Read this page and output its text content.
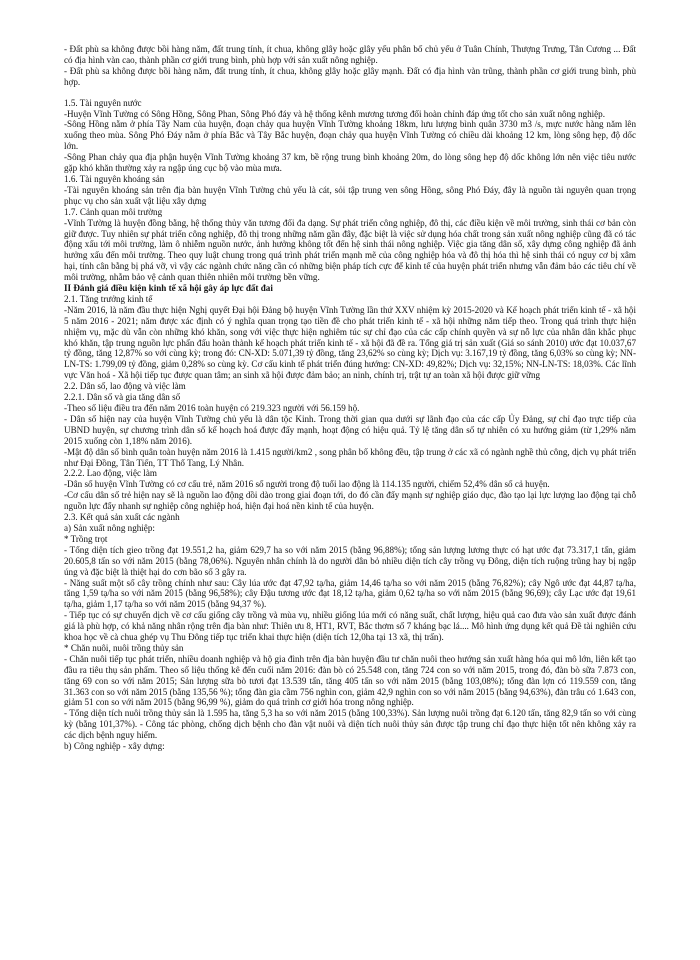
- Đất phù sa không được bồi hàng năm, đất trung tính, ít chua, không glây hoặc glây yếu phân bố chủ yếu ở Tuân Chính, Thượng Trưng, Tân Cương ... Đất có địa hình vàn cao, thành phần cơ giới trung bình, phù hợp với sản xuất nông nghiệp.

- Đất phù sa không được bồi hàng năm, đất trung tính, ít chua, không glây hoặc glây mạnh. Đất có địa hình vàn trũng, thành phần cơ giới trung bình, phù hợp.

1.5. Tài nguyên nước

-Huyện Vĩnh Tường có Sông Hồng, Sông Phan, Sông Phó đáy và hệ thống kênh mương tương đối hoàn chỉnh đáp ứng tốt cho sản xuất nông nghiệp.

-Sông Hồng nằm ở phía Tây Nam của huyện, đoạn chảy qua huyện Vĩnh Tường khoảng 18km, lưu lượng bình quân 3730 m3 /s, mực nước hàng năm lên xuống theo mùa. Sông Phó Đáy nằm ở phía Bắc và Tây Bắc huyện, đoạn chảy qua huyện Vĩnh Tường có chiều dài khoảng 12 km, lòng sông hẹp, độ dốc lớn.

-Sông Phan chảy qua địa phận huyện Vĩnh Tường khoảng 37 km, bề rộng trung bình khoảng 20m, do lòng sông hẹp độ dốc không lớn nên việc tiêu nước gặp khó khăn thường xảy ra ngập úng cục bộ vào mùa mưa.

1.6. Tài nguyên khoáng sản

-Tài nguyên khoáng sản trên địa bàn huyện Vĩnh Tường chủ yếu là cát, sỏi tập trung ven sông Hồng, sông Phó Đáy, đây là nguồn tài nguyên quan trọng phục vụ cho sản xuất vật liệu xây dựng

1.7. Cảnh quan môi trường

-Vĩnh Tường là huyện đồng bằng, hệ thống thủy văn tương đối đa dạng. Sự phát triển công nghiệp, đô thị, các điều kiện về môi trường, sinh thái cơ bản còn giữ được. Tuy nhiên sự phát triển công nghiệp, đô thị trong những năm gần đây, đặc biệt là việc sử dụng hóa chất trong sản xuất nông nghiệp cũng đã có tác động xấu tới môi trường, làm ô nhiễm nguồn nước, ảnh hưởng không tốt đến hệ sinh thái nông nghiệp. Việc gia tăng dân số, xây dựng công nghiệp đã ảnh hưởng xấu đến môi trường. Theo quy luật chung trong quá trình phát triển mạnh mẽ của công nghiệp hóa và đô thị hóa thì hệ sinh thái có nguy cơ bị xâm hại, tính cân bằng bị phá vỡ, vì vậy các ngành chức năng cần có những biện pháp tích cực để kinh tế của huyện phát triển nhưng vẫn đảm bảo các tiêu chí về môi trường, nhằm bảo vệ cảnh quan thiên nhiên môi trường bền vững.

II Đánh giá điều kiện kinh tế xã hội gây áp lực đất đai

2.1. Tăng trưởng kinh tế

-Năm 2016, là năm đầu thực hiện Nghị quyết Đại hội Đảng bộ huyện Vĩnh Tường lần thứ XXV nhiệm kỳ 2015-2020 và Kế hoạch phát triển kinh tế - xã hội 5 năm 2016 - 2021; năm được xác định có ý nghĩa quan trọng tạo tiền đề cho phát triển kinh tế - xã hội những năm tiếp theo. Trong quá trình thực hiện nhiệm vụ, mặc dù vẫn còn những khó khăn, song với việc thực hiện nghiêm túc sự chỉ đạo của các cấp chính quyền và sự nỗ lực của nhân dân khắc phục khó khăn, tập trung nguồn lực phấn đấu hoàn thành kế hoạch phát triển kinh tế - xã hội đã đề ra. Tổng giá trị sản xuất (Giá so sánh 2010) ước đạt 10.037,67 tỷ đồng, tăng 12,87% so với cùng kỳ; trong đó: CN-XD: 5.071,39 tỷ đồng, tăng 23,62% so cùng kỳ; Dịch vụ: 3.167,19 tỷ đồng, tăng 6,03% so cùng kỳ; NN-LN-TS: 1.799,09 tỷ đồng, giảm 0,28% so cùng kỳ. Cơ cấu kinh tế phát triển đúng hướng: CN-XD: 49,82%; Dịch vụ: 32,15%; NN-LN-TS: 18,03%. Các lĩnh vực Văn hoá - Xã hội tiếp tục được quan tâm; an sinh xã hội được đảm bảo; an ninh, chính trị, trật tự an toàn xã hội được giữ vững

2.2. Dân số, lao động và việc làm

2.2.1. Dân số và gia tăng dân số

-Theo số liệu điều tra đến năm 2016 toàn huyện có 219.323 người với 56.159 hộ.

- Dân số hiện nay của huyện Vĩnh Tường chủ yếu là dân tộc Kinh. Trong thời gian qua dưới sự lãnh đạo của các cấp Ủy Đảng, sự chỉ đạo trực tiếp của UBND huyện, sự chương trình dân số kế hoạch hoá được đẩy mạnh, hoạt động có hiệu quả. Tỷ lệ tăng dân số tự nhiên có xu hướng giảm (từ 1,29% năm 2015 xuống còn 1,18% năm 2016).

-Mật độ dân số bình quân toàn huyện năm 2016 là 1.415 người/km2 , song phân bố không đều, tập trung ở các xã có ngành nghề thủ công, dịch vụ phát triển như Đại Đồng, Tân Tiến, TT Thổ Tang, Lý Nhân.

2.2.2. Lao động, việc làm

-Dân số huyện Vĩnh Tường có cơ cấu trẻ, năm 2016 số người trong độ tuổi lao động là 114.135 người, chiếm 52,4% dân số cả huyện.

-Cơ cấu dân số trẻ hiện nay sẽ là nguồn lao động dồi dào trong giai đoạn tới, do đó cần đẩy mạnh sự nghiệp giáo dục, đào tạo lại lực lượng lao động tại chỗ nguồn lực đẩy nhanh sự nghiệp công nghiệp hoá, hiện đại hoá nền kinh tế của huyện.

2.3. Kết quả sản xuất các ngành

a) Sản xuất nông nghiệp:

* Trồng trọt

- Tổng diện tích gieo trồng đạt 19.551,2 ha, giảm 629,7 ha so với năm 2015 (bằng 96,88%); tổng sản lượng lương thực có hạt ước đạt 73.317,1 tấn, giảm 20.605,8 tấn so với năm 2015 (bằng 78,06%). Nguyên nhân chính là do người dân bỏ nhiều diện tích cây trồng vụ Đông, diện tích ruộng trũng hay bị ngập úng và đặc biệt là thiệt hại do cơn bão số 3 gây ra.

- Năng suất một số cây trồng chính như sau: Cây lúa ước đạt 47,92 tạ/ha, giảm 14,46 tạ/ha so với năm 2015 (bằng 76,82%); cây Ngô ước đạt 44,87 tạ/ha, tăng 1,59 tạ/ha so với năm 2015 (bằng 96,58%); cây Đậu tương ước đạt 18,12 tạ/ha, giảm 0,62 tạ/ha so với năm 2015 (bằng 96,69); cây Lạc ước đạt 19,61 tạ/ha, giảm 1,17 tạ/ha so với năm 2015 (bằng 94,37 %).

- Tiếp tục có sự chuyển dịch về cơ cấu giống cây trồng và mùa vụ, nhiều giống lúa mới có năng suất, chất lượng, hiệu quả cao đưa vào sản xuất được đánh giá là phù hợp, có khả năng nhân rộng trên địa bàn như: Thiên ưu 8, HT1, RVT, Bắc thơm số 7 kháng bạc lá.... Mô hình ứng dụng kết quả Đề tài nghiên cứu khoa học về cà chua ghép vụ Thu Đông tiếp tục triển khai thực hiện (diện tích 12,0ha tại 13 xã, thị trấn).

* Chăn nuôi, nuôi trồng thủy sản

- Chăn nuôi tiếp tục phát triển, nhiều doanh nghiệp và hộ gia đình trên địa bàn huyện đầu tư chăn nuôi theo hướng sản xuất hàng hóa qui mô lớn, liên kết tạo đầu ra tiêu thụ sản phẩm. Theo số liệu thống kê đến cuối năm 2016: đàn bò có 25.548 con, tăng 724 con so với năm 2015, trong đó, đàn bò sữa 7.873 con, tăng 69 con so với năm 2015; Sản lượng sữa bò tươi đạt 13.539 tấn, tăng 405 tấn so với năm 2015 (bằng 103,08%); tổng đàn lợn có 119.559 con, tăng 31.363 con so với năm 2015 (bằng 135,56 %); tổng đàn gia cầm 756 nghìn con, giảm 42,9 nghìn con so với năm 2015 (bằng 94,63%), đàn trâu có 1.643 con, giảm 51 con so với năm 2015 (bằng 96,99 %), giảm do quá trình cơ giới hóa trong nông nghiệp.

- Tổng diện tích nuôi trồng thủy sản là 1.595 ha, tăng 5,3 ha so với năm 2015 (bằng 100,33%). Sản lượng nuôi trồng đạt 6.120 tấn, tăng 82,9 tấn so với cùng kỳ (bằng 101,37%). - Công tác phòng, chống dịch bệnh cho đàn vật nuôi và diện tích nuôi thủy sản được tập trung chỉ đạo thực hiện tốt nên không xảy ra các dịch bệnh nguy hiểm.

b) Công nghiệp - xây dựng:
